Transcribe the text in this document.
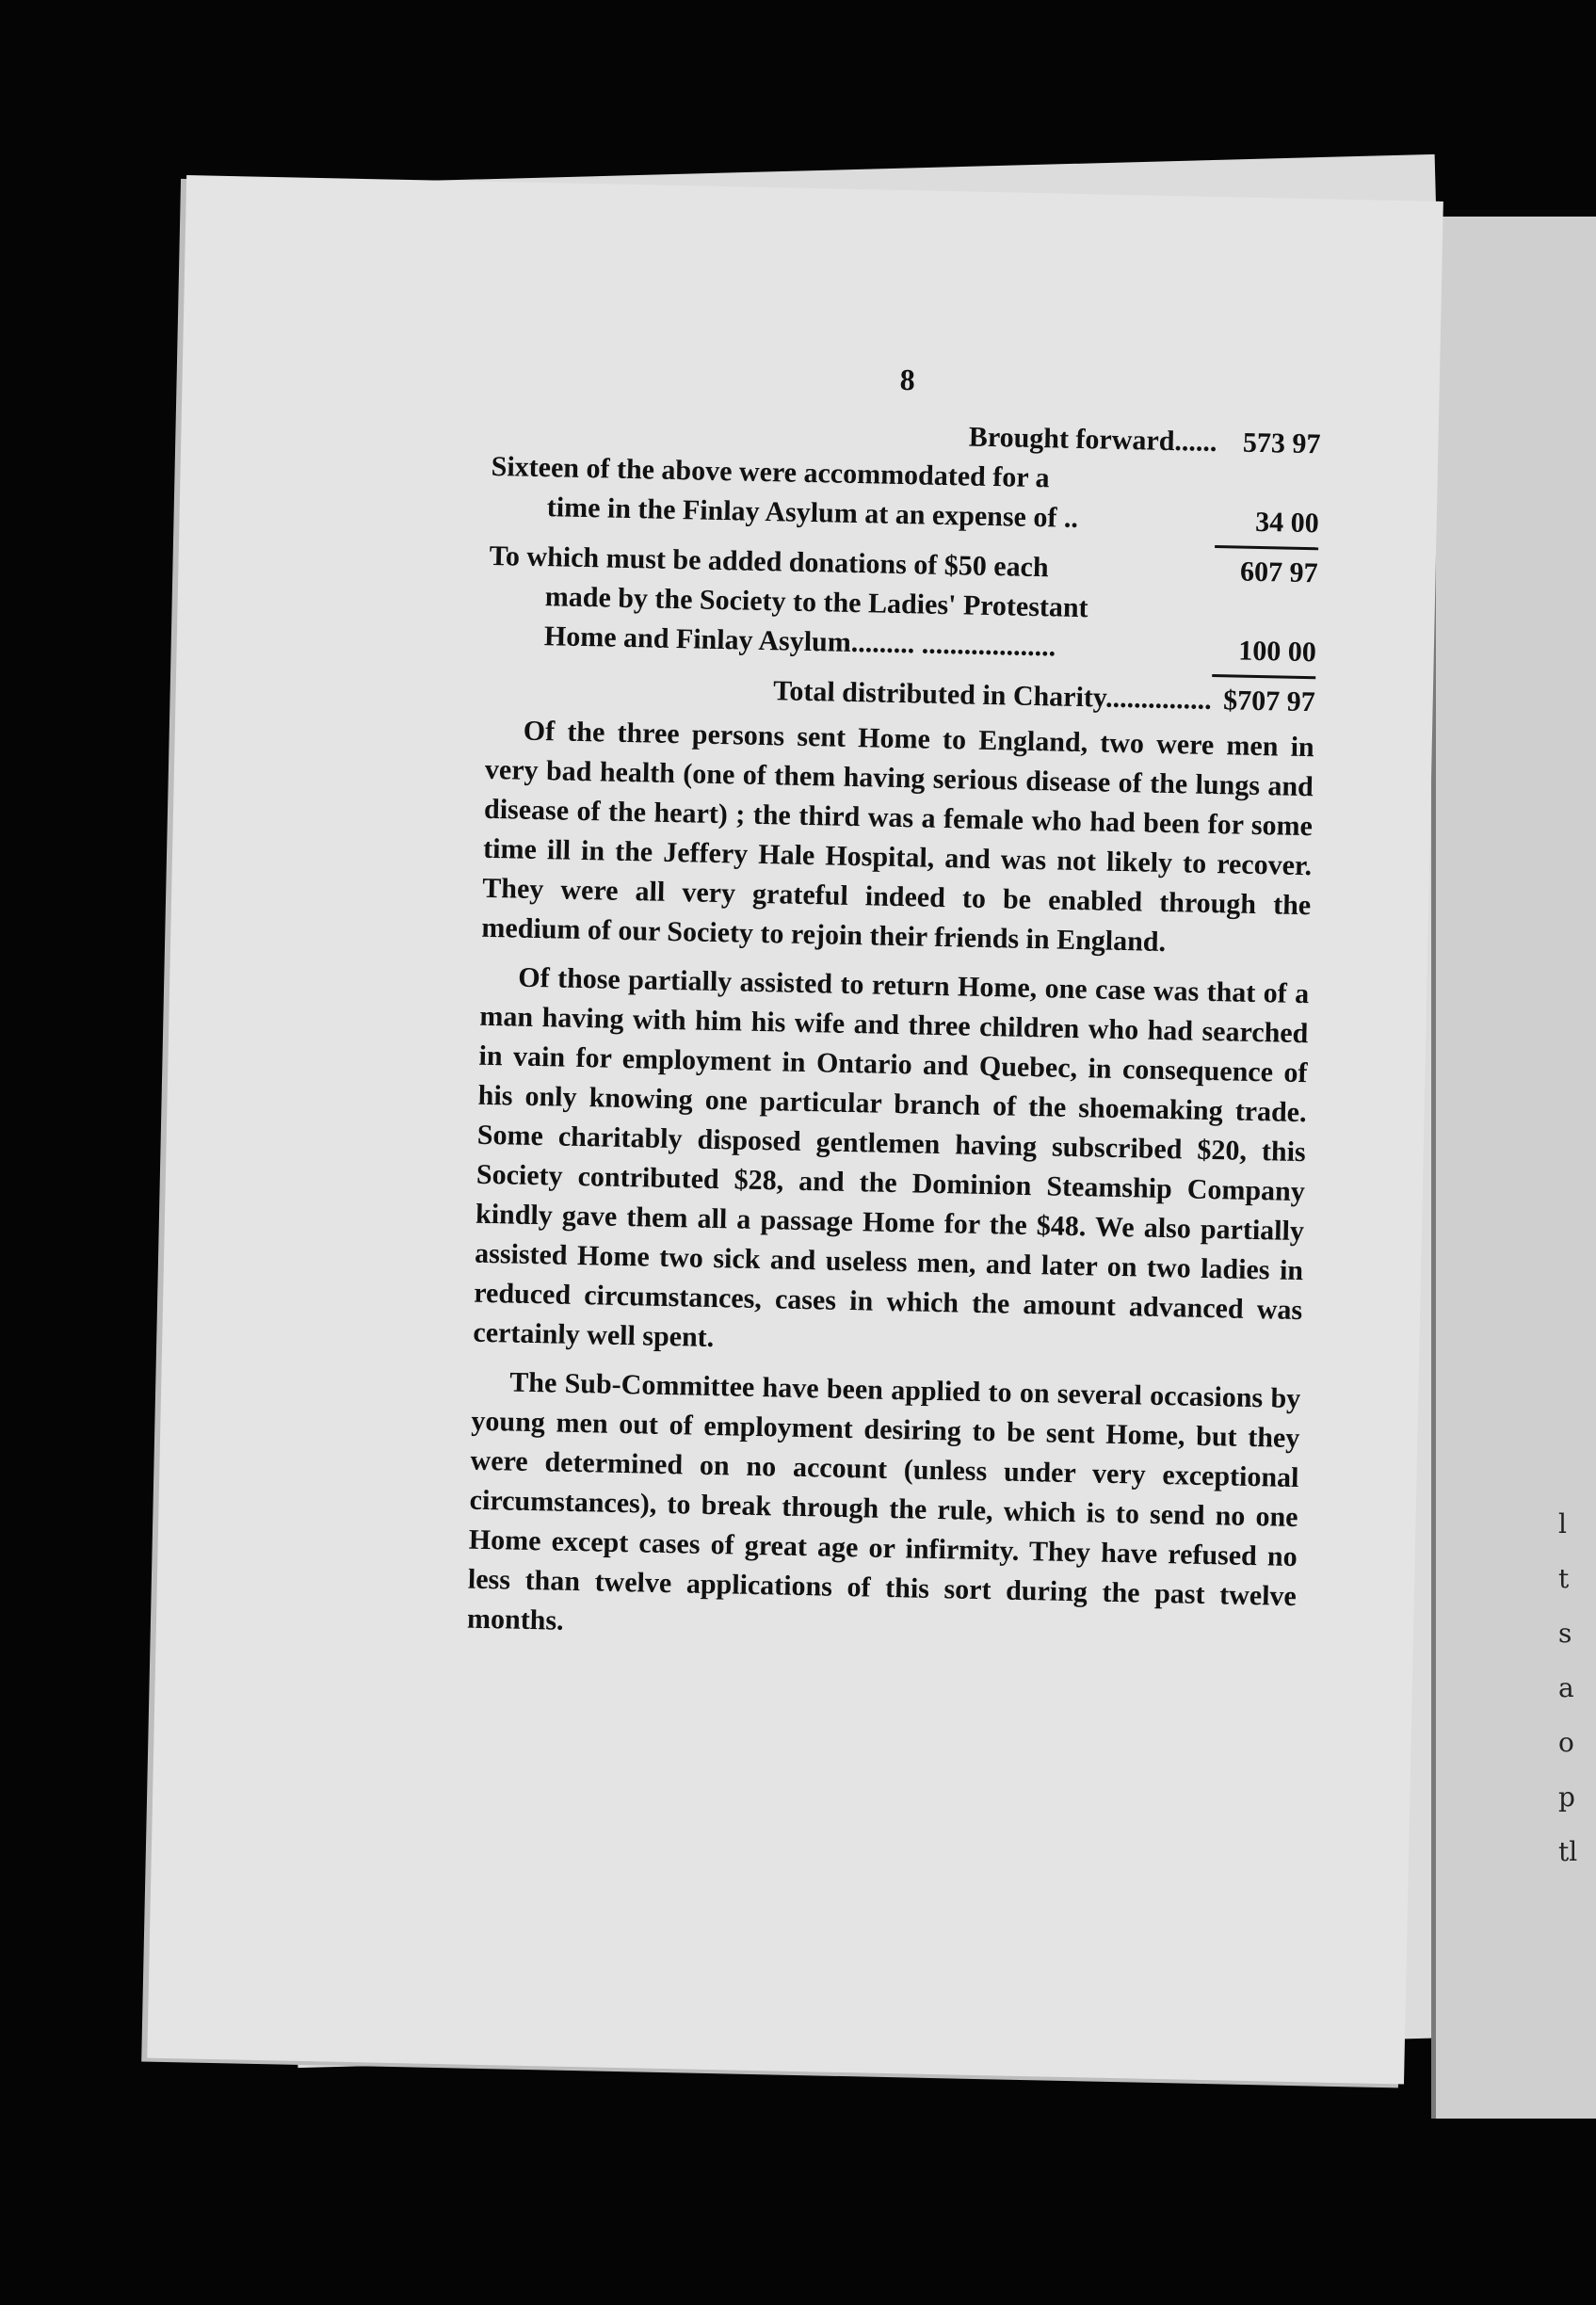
l
t
s
a
o
p
tl
8
Brought forward...... 573 97
Sixteen of the above were accommodated for a
time in the Finlay Asylum at an expense of ..	34 00
To which must be added donations of $50 each	607 97
made by the Society to the Ladies' Protestant
Home and Finlay Asylum......... ...................	100 00
Total distributed in Charity............... $707 97

Of the three persons sent Home to England, two were men in very bad health (one of them having serious disease of the lungs and disease of the heart) ; the third was a female who had been for some time ill in the Jeffery Hale Hospital, and was not likely to recover. They were all very grateful indeed to be enabled through the medium of our Society to rejoin their friends in England.

Of those partially assisted to return Home, one case was that of a man having with him his wife and three children who had searched in vain for employment in Ontario and Quebec, in consequence of his only knowing one particular branch of the shoemaking trade. Some charitably disposed gentlemen having subscribed $20, this Society contributed $28, and the Dominion Steamship Company kindly gave them all a passage Home for the $48. We also partially assisted Home two sick and useless men, and later on two ladies in reduced circumstances, cases in which the amount advanced was certainly well spent.

The Sub-Committee have been applied to on several occasions by young men out of employment desiring to be sent Home, but they were determined on no account (unless under very exceptional circumstances), to break through the rule, which is to send no one Home except cases of great age or infirmity. They have refused no less than twelve applications of this sort during the past twelve months.
